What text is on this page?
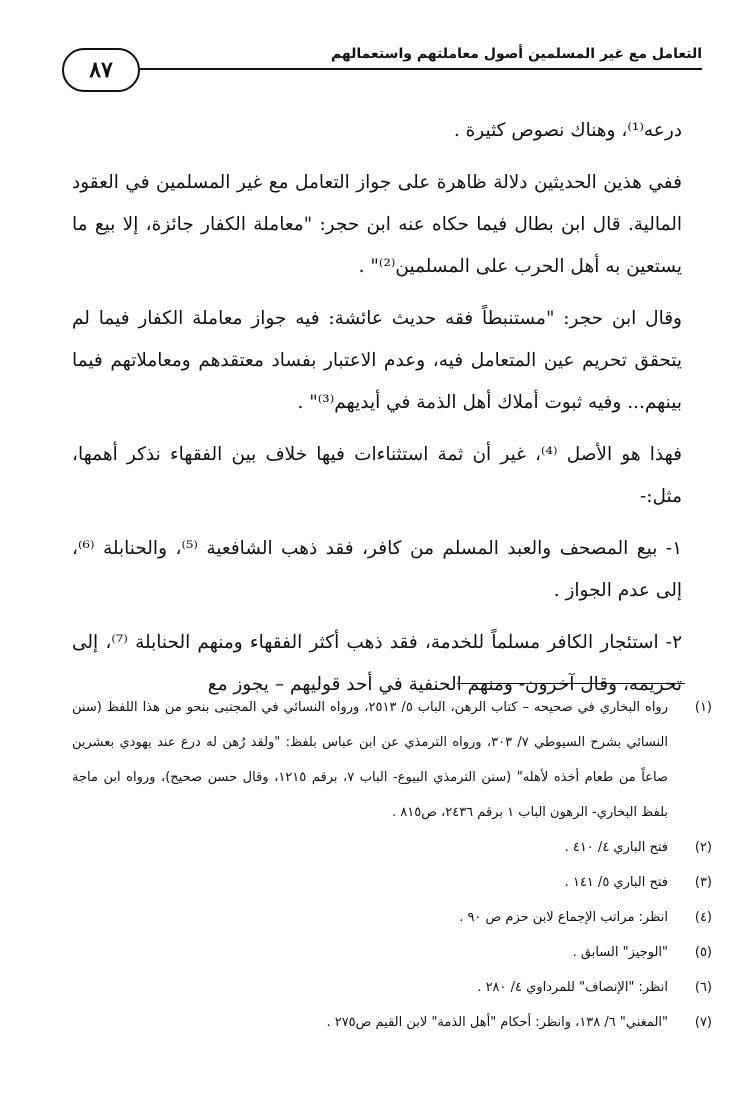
التعامل مع غير المسلمين أصول معاملتهم واستعمالهم
٨٧

درعه⁽¹⁾، وهناك نصوص كثيرة .

ففي هذين الحديثين دلالة ظاهرة على جواز التعامل مع غير المسلمين في العقود المالية. قال ابن بطال فيما حكاه عنه ابن حجر: "معاملة الكفار جائزة، إلا بيع ما يستعين به أهل الحرب على المسلمين⁽²⁾" .

وقال ابن حجر: "مستنبطاً فقه حديث عائشة: فيه جواز معاملة الكفار فيما لم يتحقق تحريم عين المتعامل فيه، وعدم الاعتبار بفساد معتقدهم ومعاملاتهم فيما بينهم... وفيه ثبوت أملاك أهل الذمة في أيديهم⁽³⁾" .

فهذا هو الأصل ⁽⁴⁾، غير أن ثمة استثناءات فيها خلاف بين الفقهاء نذكر أهمها، مثل:-

١- بيع المصحف والعبد المسلم من كافر، فقد ذهب الشافعية ⁽⁵⁾، والحنابلة ⁽⁶⁾، إلى عدم الجواز .

٢- استئجار الكافر مسلماً للخدمة، فقد ذهب أكثر الفقهاء ومنهم الحنابلة ⁽⁷⁾، إلى تحريمه، وقال آخرون- ومنهم الحنفية في أحد قوليهم – يجوز مع

(١)
رواه البخاري في صحيحه – كتاب الرهن، الباب ٥/ ٢٥١٣، ورواه النسائي في المجتبى بنحو من هذا اللفظ (سنن النسائي بشرح السيوطي ٧/ ٣٠٣، ورواه الترمذي عن ابن عباس بلفظ: "ولقد رُهن له درع عند يهودي بعشرين صاعاً من طعام أخذه لأهله" (سنن الترمذي البيوع- الباب ٧، برقم ١٢١٥، وقال حسن صحيح)، ورواه ابن ماجة بلفظ البخاري- الرهون الباب ١ برقم ٢٤٣٦، ص٨١٥ .
(٢)
فتح الباري ٤/ ٤١٠ .
(٣)
فتح الباري ٥/ ١٤١ .
(٤)
انظر: مراتب الإجماع لابن حزم ص ٩٠ .
(٥)
"الوجيز" السابق .
(٦)
انظر: "الإنصاف" للمرداوي ٤/ ٢٨٠ .
(٧)
"المغني" ٦/ ١٣٨، وانظر: أحكام "أهل الذمة" لابن القيم ص٢٧٥ .
